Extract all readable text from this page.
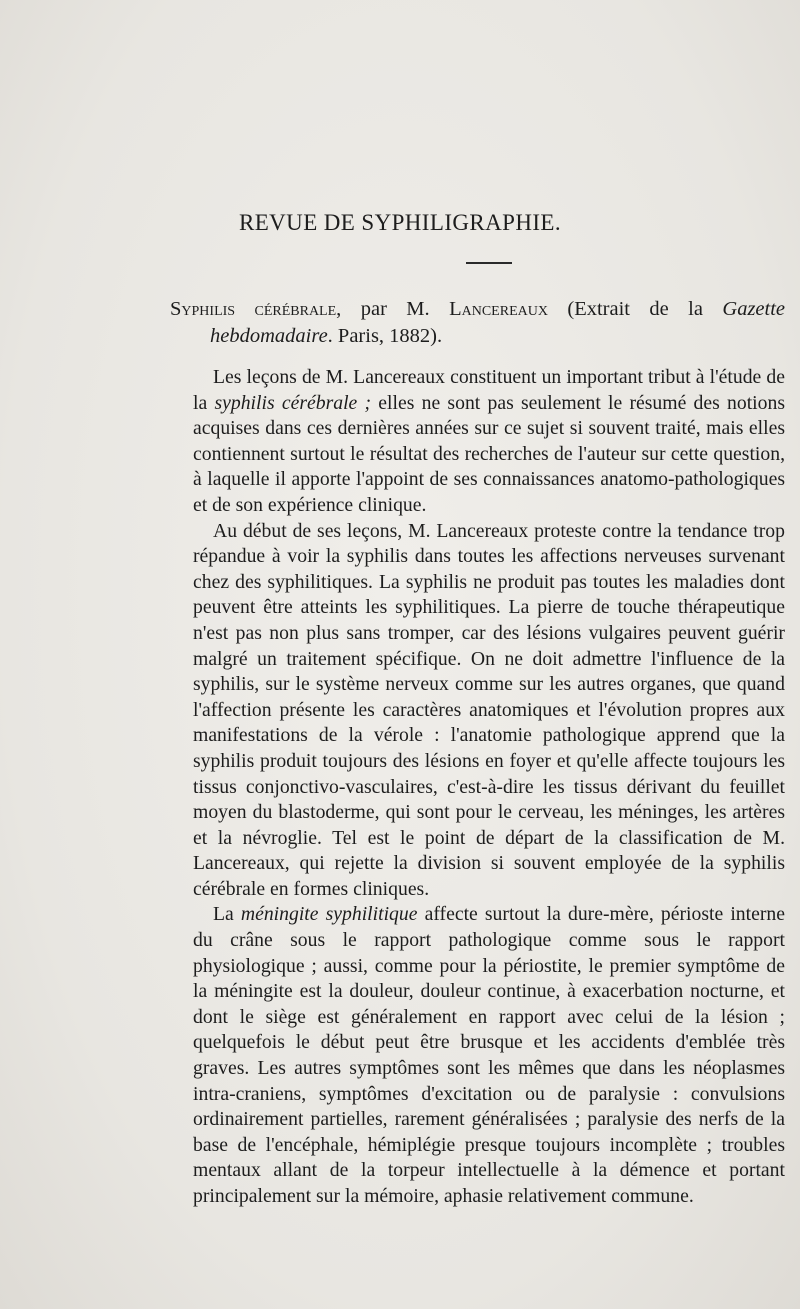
REVUE DE SYPHILIGRAPHIE.
Syphilis cérébrale, par M. Lancereaux (Extrait de la Gazette hebdomadaire. Paris, 1882).

Les leçons de M. Lancereaux constituent un important tribut à l'étude de la syphilis cérébrale ; elles ne sont pas seulement le résumé des notions acquises dans ces dernières années sur ce sujet si souvent traité, mais elles contiennent surtout le résultat des recherches de l'auteur sur cette question, à laquelle il apporte l'appoint de ses connaissances anatomo-pathologiques et de son expérience clinique.

Au début de ses leçons, M. Lancereaux proteste contre la tendance trop répandue à voir la syphilis dans toutes les affections nerveuses survenant chez des syphilitiques. La syphilis ne produit pas toutes les maladies dont peuvent être atteints les syphilitiques. La pierre de touche thérapeutique n'est pas non plus sans tromper, car des lésions vulgaires peuvent guérir malgré un traitement spécifique. On ne doit admettre l'influence de la syphilis, sur le système nerveux comme sur les autres organes, que quand l'affection présente les caractères anatomiques et l'évolution propres aux manifestations de la vérole : l'anatomie pathologique apprend que la syphilis produit toujours des lésions en foyer et qu'elle affecte toujours les tissus conjonctivo-vasculaires, c'est-à-dire les tissus dérivant du feuillet moyen du blastoderme, qui sont pour le cerveau, les méninges, les artères et la névroglie. Tel est le point de départ de la classification de M. Lancereaux, qui rejette la division si souvent employée de la syphilis cérébrale en formes cliniques.

La méningite syphilitique affecte surtout la dure-mère, périoste interne du crâne sous le rapport pathologique comme sous le rapport physiologique ; aussi, comme pour la périostite, le premier symptôme de la méningite est la douleur, douleur continue, à exacerbation nocturne, et dont le siège est généralement en rapport avec celui de la lésion ; quelquefois le début peut être brusque et les accidents d'emblée très graves. Les autres symptômes sont les mêmes que dans les néoplasmes intra-craniens, symptômes d'excitation ou de paralysie : convulsions ordinairement partielles, rarement généralisées ; paralysie des nerfs de la base de l'encéphale, hémiplégie presque toujours incomplète ; troubles mentaux allant de la torpeur intellectuelle à la démence et portant principalement sur la mémoire, aphasie relativement commune.
